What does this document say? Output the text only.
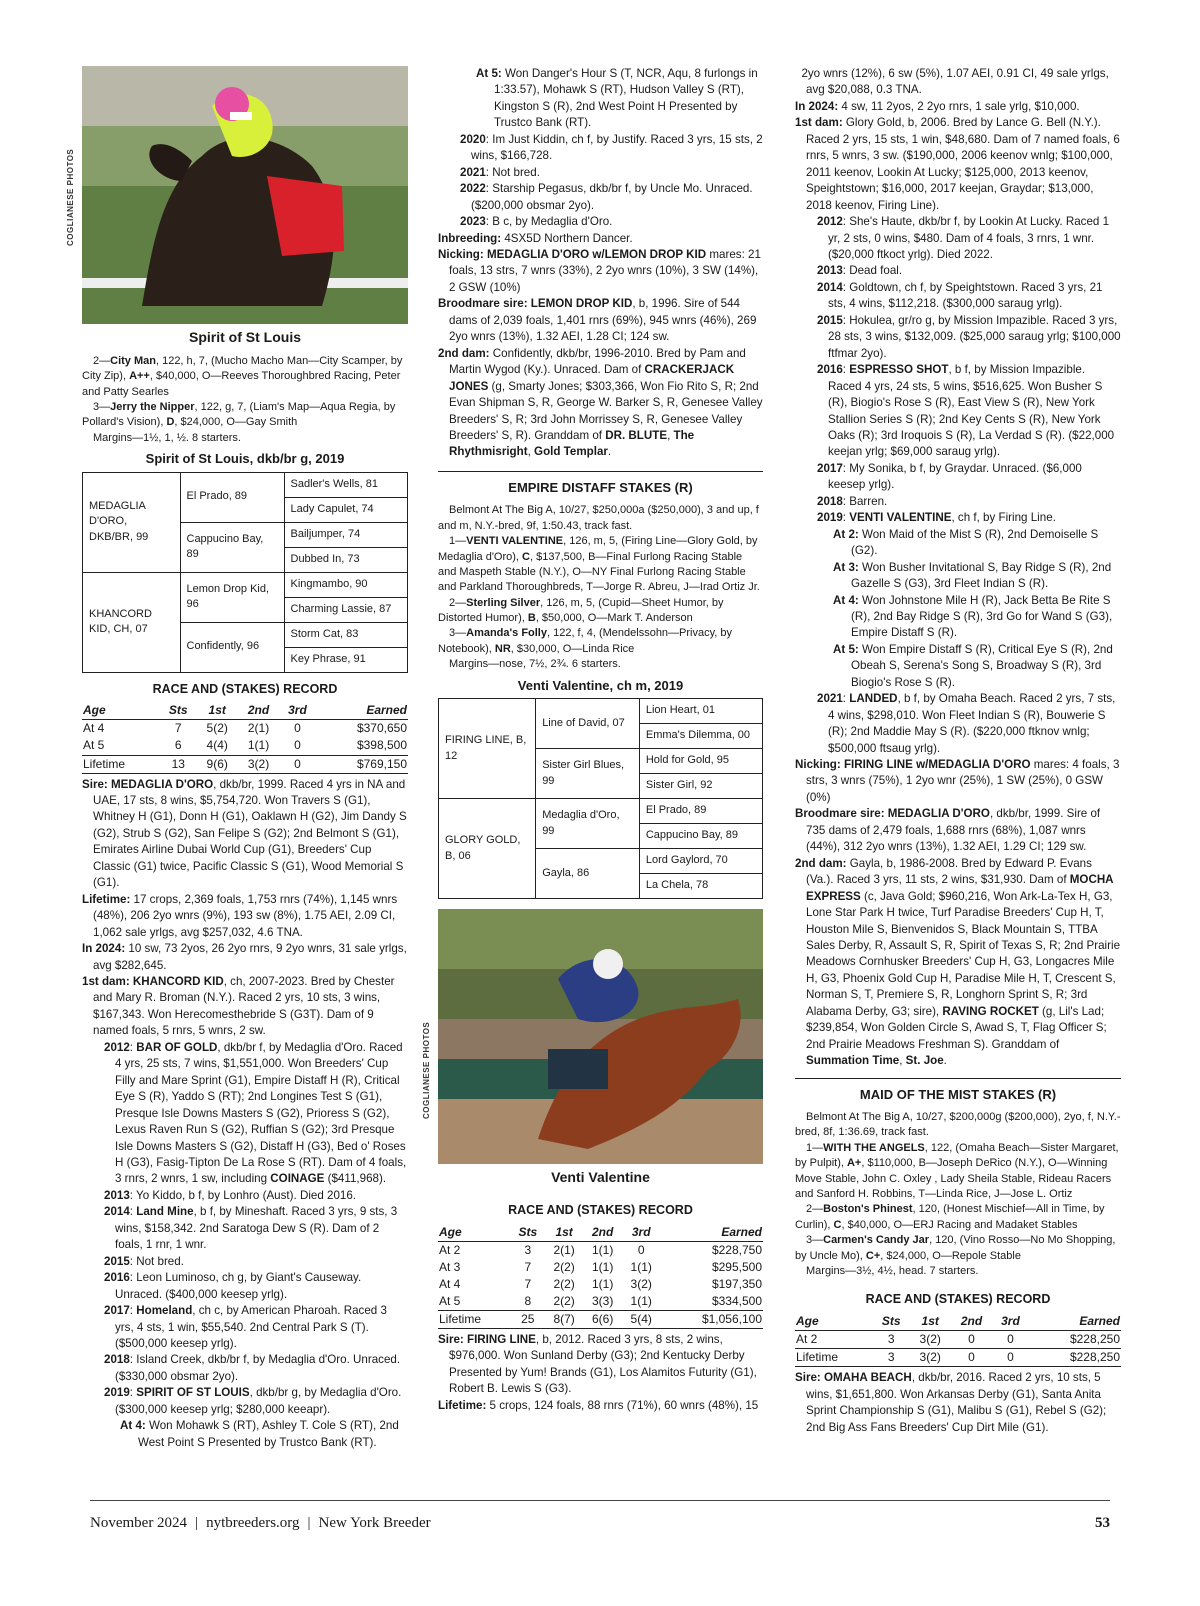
COGLIANESE PHOTOS
Spirit of St Louis

2—City Man, 122, h, 7, (Mucho Macho Man—City Scamper, by City Zip), A++, $40,000, O—Reeves Thoroughbred Racing, Peter and Patty Searles

3—Jerry the Nipper, 122, g, 7, (Liam's Map—Aqua Regia, by Pollard's Vision), D, $24,000, O—Gay Smith

Margins—1½, 1, ½. 8 starters.

Spirit of St Louis, dkb/br g, 2019
MEDAGLIA D'ORO, DKB/BR, 99	El Prado, 89	Sadler's Wells, 81
		Lady Capulet, 74
	Cappucino Bay, 89	Bailjumper, 74
		Dubbed In, 73
KHANCORD KID, CH, 07	Lemon Drop Kid, 96	Kingmambo, 90
		Charming Lassie, 87
	Confidently, 96	Storm Cat, 83
		Key Phrase, 91
RACE AND (STAKES) RECORD
Age	Sts	1st	2nd	3rd	Earned
At 4	7	5(2)	2(1)	0	$370,650
At 5	6	4(4)	1(1)	0	$398,500
Lifetime	13	9(6)	3(2)	0	$769,150

Sire: MEDAGLIA D'ORO, dkb/br, 1999. Raced 4 yrs in NA and UAE, 17 sts, 8 wins, $5,754,720. Won Travers S (G1), Whitney H (G1), Donn H (G1), Oaklawn H (G2), Jim Dandy S (G2), Strub S (G2), San Felipe S (G2); 2nd Belmont S (G1), Emirates Airline Dubai World Cup (G1), Breeders' Cup Classic (G1) twice, Pacific Classic S (G1), Wood Memorial S (G1).

Lifetime: 17 crops, 2,369 foals, 1,753 rnrs (74%), 1,145 wnrs (48%), 206 2yo wnrs (9%), 193 sw (8%), 1.75 AEI, 2.09 CI, 1,062 sale yrlgs, avg $257,032, 4.6 TNA.

In 2024: 10 sw, 73 2yos, 26 2yo rnrs, 9 2yo wnrs, 31 sale yrlgs, avg $282,645.

1st dam: KHANCORD KID, ch, 2007-2023. Bred by Chester and Mary R. Broman (N.Y.). Raced 2 yrs, 10 sts, 3 wins, $167,343. Won Herecomesthebride S (G3T). Dam of 9 named foals, 5 rnrs, 5 wnrs, 2 sw.

2012: BAR OF GOLD, dkb/br f, by Medaglia d'Oro. Raced 4 yrs, 25 sts, 7 wins, $1,551,000. Won Breeders' Cup Filly and Mare Sprint (G1), Empire Distaff H (R), Critical Eye S (R), Yaddo S (RT); 2nd Longines Test S (G1), Presque Isle Downs Masters S (G2), Prioress S (G2), Lexus Raven Run S (G2), Ruffian S (G2); 3rd Presque Isle Downs Masters S (G2), Distaff H (G3), Bed o' Roses H (G3), Fasig-Tipton De La Rose S (RT). Dam of 4 foals, 3 rnrs, 2 wnrs, 1 sw, including COINAGE ($411,968).

2013: Yo Kiddo, b f, by Lonhro (Aust). Died 2016.

2014: Land Mine, b f, by Mineshaft. Raced 3 yrs, 9 sts, 3 wins, $158,342. 2nd Saratoga Dew S (R). Dam of 2 foals, 1 rnr, 1 wnr.

2015: Not bred.

2016: Leon Luminoso, ch g, by Giant's Causeway. Unraced. ($400,000 keesep yrlg).

2017: Homeland, ch c, by American Pharoah. Raced 3 yrs, 4 sts, 1 win, $55,540. 2nd Central Park S (T). ($500,000 keesep yrlg).

2018: Island Creek, dkb/br f, by Medaglia d'Oro. Unraced. ($330,000 obsmar 2yo).

2019: SPIRIT OF ST LOUIS, dkb/br g, by Medaglia d'Oro. ($300,000 keesep yrlg; $280,000 keeapr).

At 4: Won Mohawk S (RT), Ashley T. Cole S (RT), 2nd West Point S Presented by Trustco Bank (RT).

At 5: Won Danger's Hour S (T, NCR, Aqu, 8 furlongs in 1:33.57), Mohawk S (RT), Hudson Valley S (RT), Kingston S (R), 2nd West Point H Presented by Trustco Bank (RT).

2020: Im Just Kiddin, ch f, by Justify. Raced 3 yrs, 15 sts, 2 wins, $166,728.

2021: Not bred.

2022: Starship Pegasus, dkb/br f, by Uncle Mo. Unraced. ($200,000 obsmar 2yo).

2023: B c, by Medaglia d'Oro.

Inbreeding: 4SX5D Northern Dancer.

Nicking: MEDAGLIA D'ORO w/LEMON DROP KID mares: 21 foals, 13 strs, 7 wnrs (33%), 2 2yo wnrs (10%), 3 SW (14%), 2 GSW (10%)

Broodmare sire: LEMON DROP KID, b, 1996. Sire of 544 dams of 2,039 foals, 1,401 rnrs (69%), 945 wnrs (46%), 269 2yo wnrs (13%), 1.32 AEI, 1.28 CI; 124 sw.

2nd dam: Confidently, dkb/br, 1996-2010. Bred by Pam and Martin Wygod (Ky.). Unraced. Dam of CRACKERJACK JONES (g, Smarty Jones; $303,366, Won Fio Rito S, R; 2nd Evan Shipman S, R, George W. Barker S, R, Genesee Valley Breeders' S, R; 3rd John Morrissey S, R, Genesee Valley Breeders' S, R). Granddam of DR. BLUTE, The Rhythmisright, Gold Templar.

EMPIRE DISTAFF STAKES (R)

Belmont At The Big A, 10/27, $250,000a ($250,000), 3 and up, f and m, N.Y.-bred, 9f, 1:50.43, track fast.

1—VENTI VALENTINE, 126, m, 5, (Firing Line—Glory Gold, by Medaglia d'Oro), C, $137,500, B—Final Furlong Racing Stable and Maspeth Stable (N.Y.), O—NY Final Furlong Racing Stable and Parkland Thoroughbreds, T—Jorge R. Abreu, J—Irad Ortiz Jr.

2—Sterling Silver, 126, m, 5, (Cupid—Sheet Humor, by Distorted Humor), B, $50,000, O—Mark T. Anderson

3—Amanda's Folly, 122, f, 4, (Mendelssohn—Privacy, by Notebook), NR, $30,000, O—Linda Rice

Margins—nose, 7½, 2¾. 6 starters.

Venti Valentine, ch m, 2019
FIRING LINE, B, 12	Line of David, 07	Lion Heart, 01
		Emma's Dilemma, 00
	Sister Girl Blues, 99	Hold for Gold, 95
		Sister Girl, 92
GLORY GOLD, B, 06	Medaglia d'Oro, 99	El Prado, 89
		Cappucino Bay, 89
	Gayla, 86	Lord Gaylord, 70
		La Chela, 78
COGLIANESE PHOTOS
Venti Valentine
RACE AND (STAKES) RECORD
Age	Sts	1st	2nd	3rd	Earned
At 2	3	2(1)	1(1)	0	$228,750
At 3	7	2(2)	1(1)	1(1)	$295,500
At 4	7	2(2)	1(1)	3(2)	$197,350
At 5	8	2(2)	3(3)	1(1)	$334,500
Lifetime	25	8(7)	6(6)	5(4)	$1,056,100

Sire: FIRING LINE, b, 2012. Raced 3 yrs, 8 sts, 2 wins, $976,000. Won Sunland Derby (G3); 2nd Kentucky Derby Presented by Yum! Brands (G1), Los Alamitos Futurity (G1), Robert B. Lewis S (G3).

Lifetime: 5 crops, 124 foals, 88 rnrs (71%), 60 wnrs (48%), 15

2yo wnrs (12%), 6 sw (5%), 1.07 AEI, 0.91 CI, 49 sale yrlgs, avg $20,088, 0.3 TNA.

In 2024: 4 sw, 11 2yos, 2 2yo rnrs, 1 sale yrlg, $10,000.

1st dam: Glory Gold, b, 2006. Bred by Lance G. Bell (N.Y.). Raced 2 yrs, 15 sts, 1 win, $48,680. Dam of 7 named foals, 6 rnrs, 5 wnrs, 3 sw. ($190,000, 2006 keenov wnlg; $100,000, 2011 keenov, Lookin At Lucky; $125,000, 2013 keenov, Speightstown; $16,000, 2017 keejan, Graydar; $13,000, 2018 keenov, Firing Line).

2012: She's Haute, dkb/br f, by Lookin At Lucky. Raced 1 yr, 2 sts, 0 wins, $480. Dam of 4 foals, 3 rnrs, 1 wnr. ($20,000 ftkoct yrlg). Died 2022.

2013: Dead foal.

2014: Goldtown, ch f, by Speightstown. Raced 3 yrs, 21 sts, 4 wins, $112,218. ($300,000 saraug yrlg).

2015: Hokulea, gr/ro g, by Mission Impazible. Raced 3 yrs, 28 sts, 3 wins, $132,009. ($25,000 saraug yrlg; $100,000 ftfmar 2yo).

2016: ESPRESSO SHOT, b f, by Mission Impazible. Raced 4 yrs, 24 sts, 5 wins, $516,625. Won Busher S (R), Biogio's Rose S (R), East View S (R), New York Stallion Series S (R); 2nd Key Cents S (R), New York Oaks (R); 3rd Iroquois S (R), La Verdad S (R). ($22,000 keejan yrlg; $69,000 saraug yrlg).

2017: My Sonika, b f, by Graydar. Unraced. ($6,000 keesep yrlg).

2018: Barren.

2019: VENTI VALENTINE, ch f, by Firing Line.

At 2: Won Maid of the Mist S (R), 2nd Demoiselle S (G2).

At 3: Won Busher Invitational S, Bay Ridge S (R), 2nd Gazelle S (G3), 3rd Fleet Indian S (R).

At 4: Won Johnstone Mile H (R), Jack Betta Be Rite S (R), 2nd Bay Ridge S (R), 3rd Go for Wand S (G3), Empire Distaff S (R).

At 5: Won Empire Distaff S (R), Critical Eye S (R), 2nd Obeah S, Serena's Song S, Broadway S (R), 3rd Biogio's Rose S (R).

2021: LANDED, b f, by Omaha Beach. Raced 2 yrs, 7 sts, 4 wins, $298,010. Won Fleet Indian S (R), Bouwerie S (R); 2nd Maddie May S (R). ($220,000 ftknov wnlg; $500,000 ftsaug yrlg).

Nicking: FIRING LINE w/MEDAGLIA D'ORO mares: 4 foals, 3 strs, 3 wnrs (75%), 1 2yo wnr (25%), 1 SW (25%), 0 GSW (0%)

Broodmare sire: MEDAGLIA D'ORO, dkb/br, 1999. Sire of 735 dams of 2,479 foals, 1,688 rnrs (68%), 1,087 wnrs (44%), 312 2yo wnrs (13%), 1.32 AEI, 1.29 CI; 129 sw.

2nd dam: Gayla, b, 1986-2008. Bred by Edward P. Evans (Va.). Raced 3 yrs, 11 sts, 2 wins, $31,930. Dam of MOCHA EXPRESS (c, Java Gold; $960,216, Won Ark-La-Tex H, G3, Lone Star Park H twice, Turf Paradise Breeders' Cup H, T, Houston Mile S, Bienvenidos S, Black Mountain S, TTBA Sales Derby, R, Assault S, R, Spirit of Texas S, R; 2nd Prairie Meadows Cornhusker Breeders' Cup H, G3, Longacres Mile H, G3, Phoenix Gold Cup H, Paradise Mile H, T, Crescent S, Norman S, T, Premiere S, R, Longhorn Sprint S, R; 3rd Alabama Derby, G3; sire), RAVING ROCKET (g, Lil's Lad; $239,854, Won Golden Circle S, Awad S, T, Flag Officer S; 2nd Prairie Meadows Freshman S). Granddam of Summation Time, St. Joe.

MAID OF THE MIST STAKES (R)

Belmont At The Big A, 10/27, $200,000g ($200,000), 2yo, f, N.Y.-bred, 8f, 1:36.69, track fast.

1—WITH THE ANGELS, 122, (Omaha Beach—Sister Margaret, by Pulpit), A+, $110,000, B—Joseph DeRico (N.Y.), O—Winning Move Stable, John C. Oxley , Lady Sheila Stable, Rideau Racers and Sanford H. Robbins, T—Linda Rice, J—Jose L. Ortiz

2—Boston's Phinest, 120, (Honest Mischief—All in Time, by Curlin), C, $40,000, O—ERJ Racing and Madaket Stables

3—Carmen's Candy Jar, 120, (Vino Rosso—No Mo Shopping, by Uncle Mo), C+, $24,000, O—Repole Stable

Margins—3½, 4½, head. 7 starters.

RACE AND (STAKES) RECORD
Age	Sts	1st	2nd	3rd	Earned
At 2	3	3(2)	0	0	$228,250
Lifetime	3	3(2)	0	0	$228,250

Sire: OMAHA BEACH, dkb/br, 2016. Raced 2 yrs, 10 sts, 5 wins, $1,651,800. Won Arkansas Derby (G1), Santa Anita Sprint Championship S (G1), Malibu S (G1), Rebel S (G2); 2nd Big Ass Fans Breeders' Cup Dirt Mile (G1).

November 2024 | nytbreeders.org | New York Breeder	53
